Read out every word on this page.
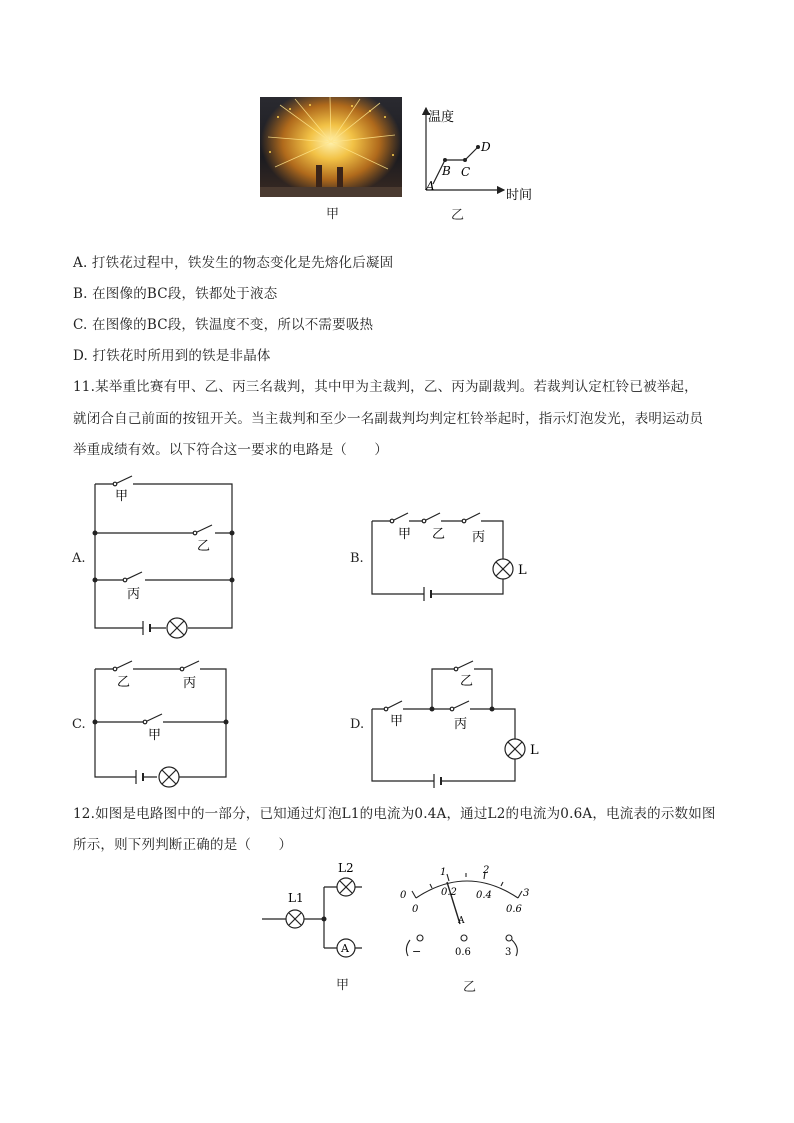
甲
温度
时间
A
B C
D
乙
A. 打铁花过程中，铁发生的物态变化是先熔化后凝固
B. 在图像的BC段，铁都处于液态
C. 在图像的BC段，铁温度不变，所以不需要吸热
D. 打铁花时所用到的铁是非晶体
11.某举重比赛有甲、乙、丙三名裁判，其中甲为主裁判，乙、丙为副裁判。若裁判认定杠铃已被举起，
就闭合自己前面的按钮开关。当主裁判和至少一名副裁判均判定杠铃举起时，指示灯泡发光，表明运动员
举重成绩有效。以下符合这一要求的电路是（　　）
A.
甲
乙
丙
B.
甲 乙 丙
L
C.
乙	丙
甲
D.
乙
甲	丙
L
12.如图是电路图中的一部分，已知通过灯泡L1的电流为0.4A，通过L2的电流为0.6A，电流表的示数如图
所示，则下列判断正确的是（　　）
L1
L2
A
甲
0
1	2
3
0
0.2 0.4
0.6
A
−	0.6	3
乙
